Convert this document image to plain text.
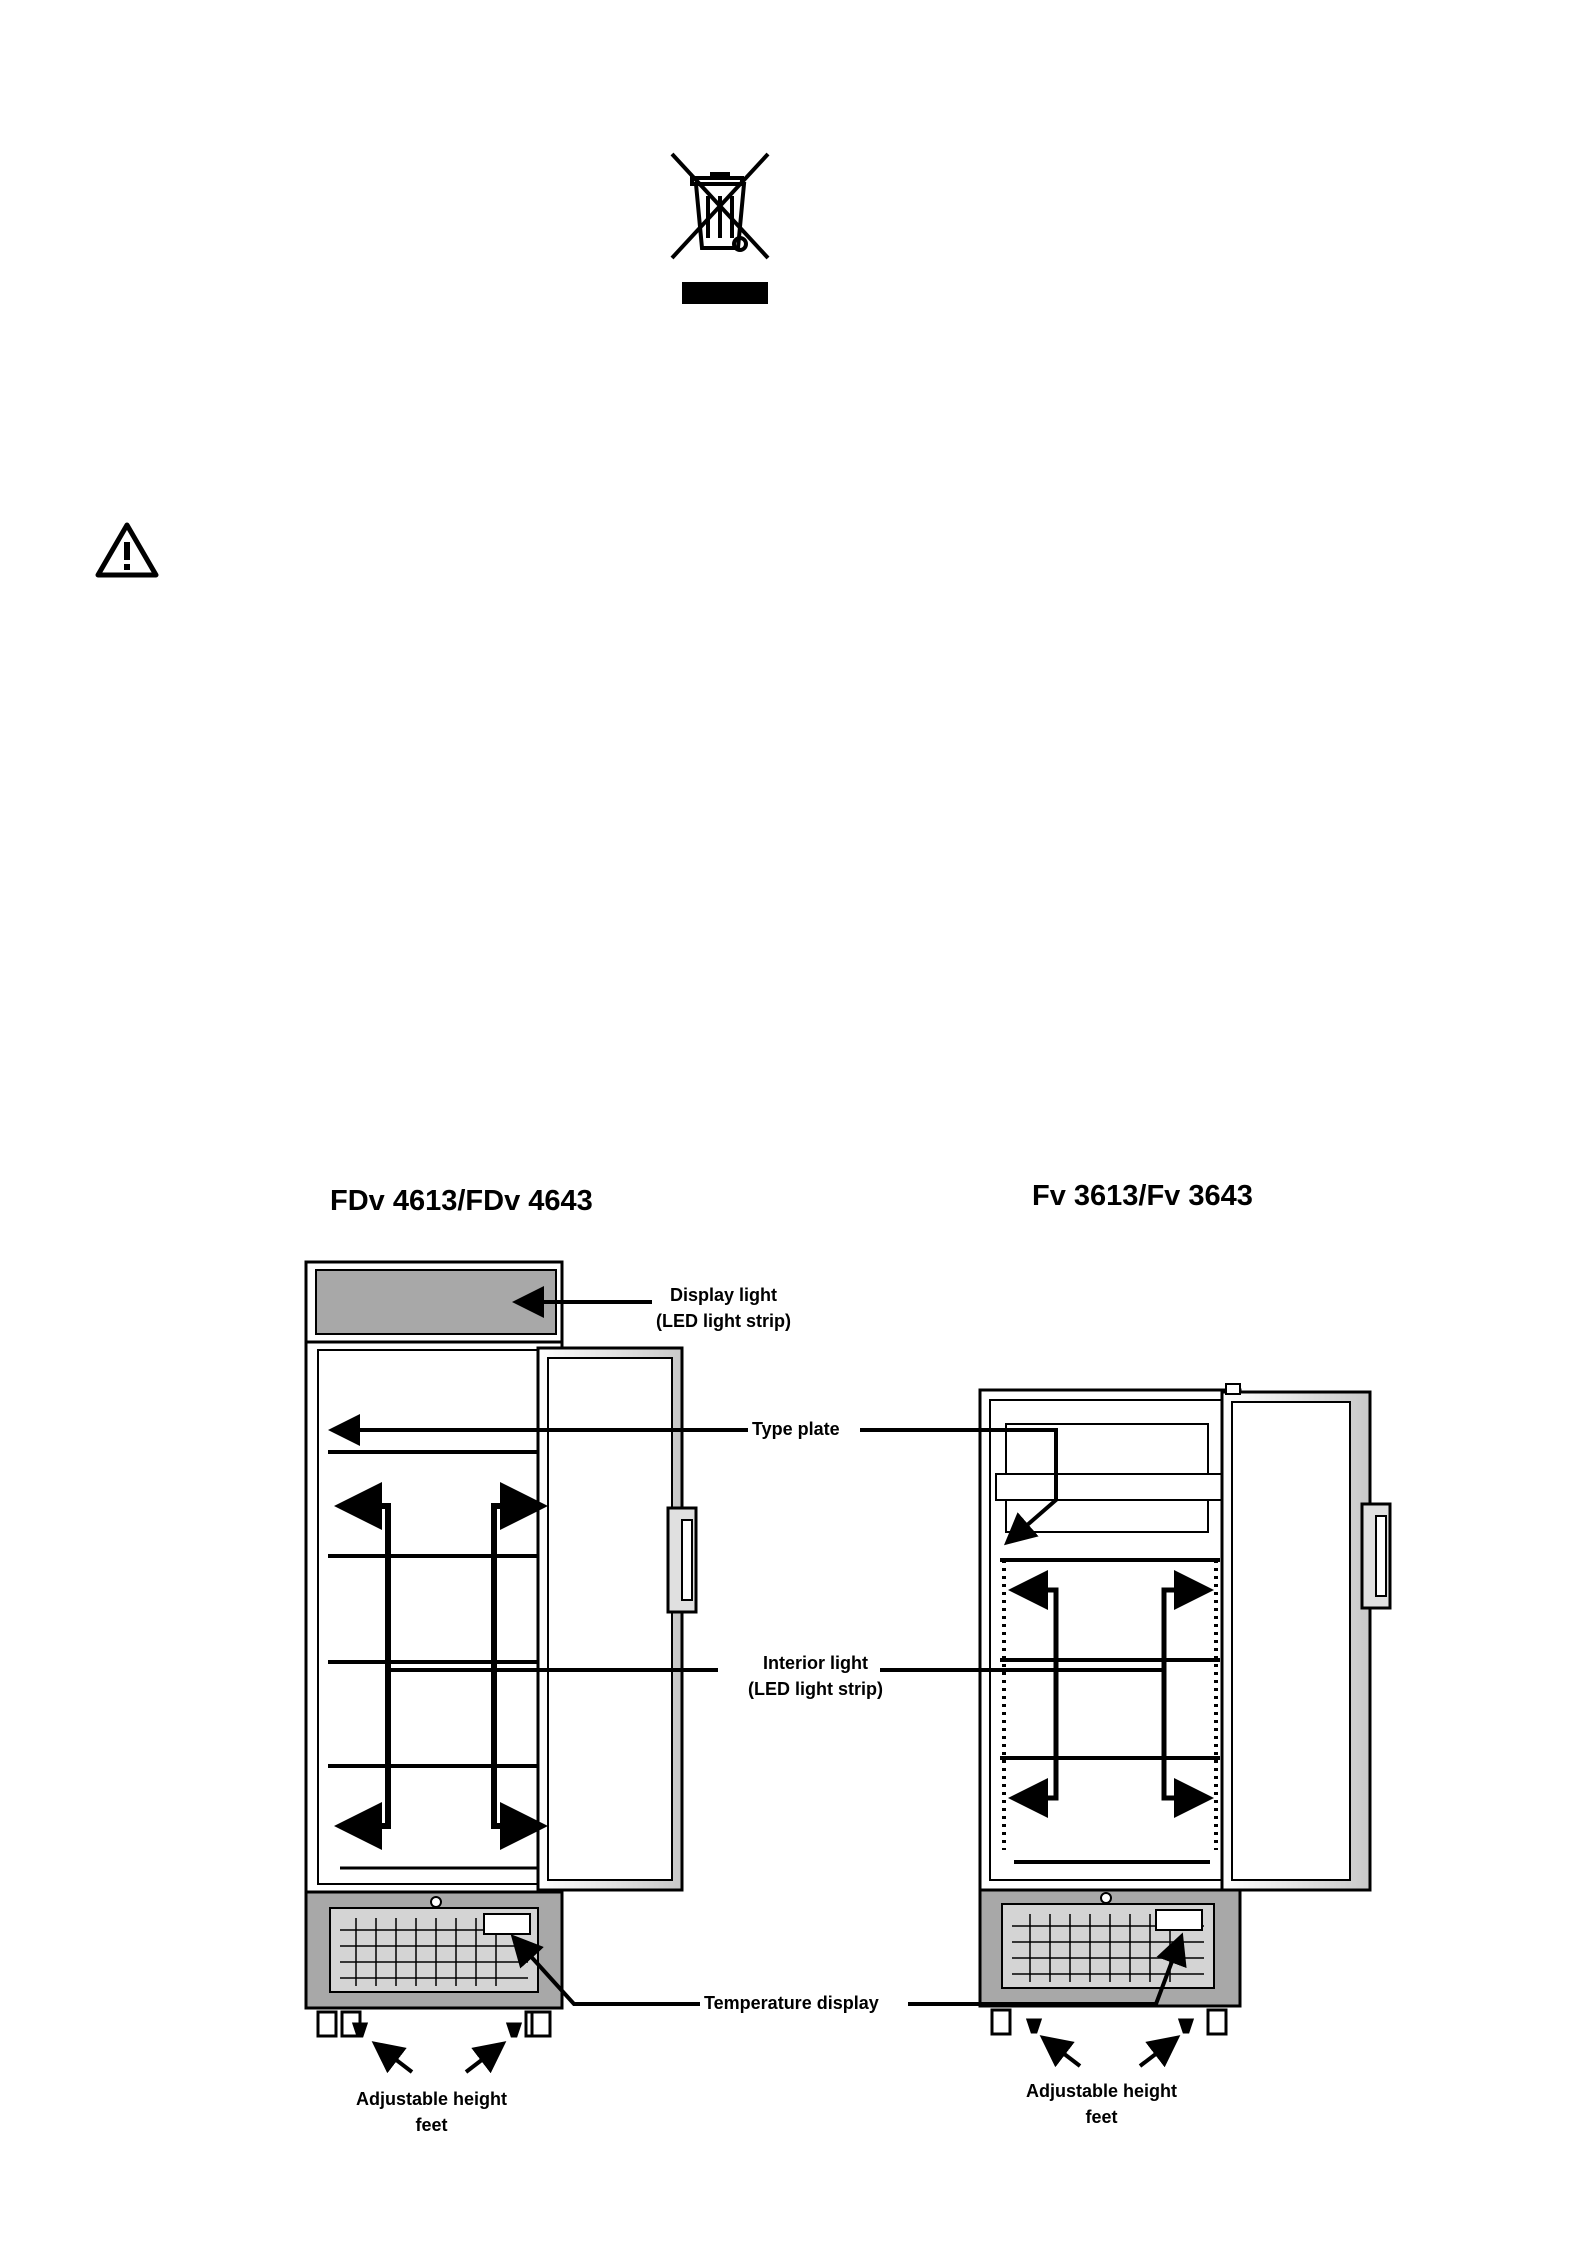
FDv 4613/FDv 4643	Fv 3613/Fv 3643
Display light
(LED light strip)
Type plate
Interior light
(LED light strip)
Temperature display
Adjustable height
feet
Adjustable height
feet
